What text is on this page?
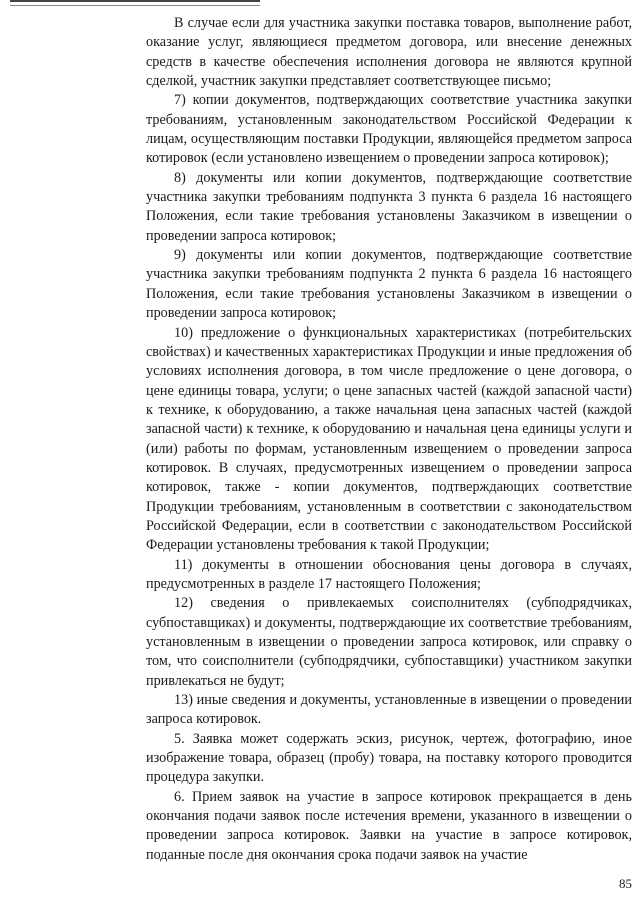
В случае если для участника закупки поставка товаров, выполнение работ, оказание услуг, являющиеся предметом договора, или внесение денежных средств в качестве обеспечения исполнения договора не являются крупной сделкой, участник закупки представляет соответствующее письмо;

7) копии документов, подтверждающих соответствие участника закупки требованиям, установленным законодательством Российской Федерации к лицам, осуществляющим поставки Продукции, являющейся предметом запроса котировок (если установлено извещением о проведении запроса котировок);

8) документы или копии документов, подтверждающие соответствие участника закупки требованиям подпункта 3 пункта 6 раздела 16 настоящего Положения, если такие требования установлены Заказчиком в извещении о проведении запроса котировок;

9) документы или копии документов, подтверждающие соответствие участника закупки требованиям подпункта 2 пункта 6 раздела 16 настоящего Положения, если такие требования установлены Заказчиком в извещении о проведении запроса котировок;

10) предложение о функциональных характеристиках (потребительских свойствах) и качественных характеристиках Продукции и иные предложения об условиях исполнения договора, в том числе предложение о цене договора, о цене единицы товара, услуги; о цене запасных частей (каждой запасной части) к технике, к оборудованию, а также начальная цена запасных частей (каждой запасной части) к технике, к оборудованию и начальная цена единицы услуги и (или) работы по формам, установленным извещением о проведении запроса котировок. В случаях, предусмотренных извещением о проведении запроса котировок, также - копии документов, подтверждающих соответствие Продукции требованиям, установленным в соответствии с законодательством Российской Федерации, если в соответствии с законодательством Российской Федерации установлены требования к такой Продукции;

11) документы в отношении обоснования цены договора в случаях, предусмотренных в разделе 17 настоящего Положения;

12) сведения о привлекаемых соисполнителях (субподрядчиках, субпоставщиках) и документы, подтверждающие их соответствие требованиям, установленным в извещении о проведении запроса котировок, или справку о том, что соисполнители (субподрядчики, субпоставщики) участником закупки привлекаться не будут;

13) иные сведения и документы, установленные в извещении о проведении запроса котировок.

5. Заявка может содержать эскиз, рисунок, чертеж, фотографию, иное изображение товара, образец (пробу) товара, на поставку которого проводится процедура закупки.

6. Прием заявок на участие в запросе котировок прекращается в день окончания подачи заявок после истечения времени, указанного в извещении о проведении запроса котировок. Заявки на участие в запросе котировок, поданные после дня окончания срока подачи заявок на участие

85
